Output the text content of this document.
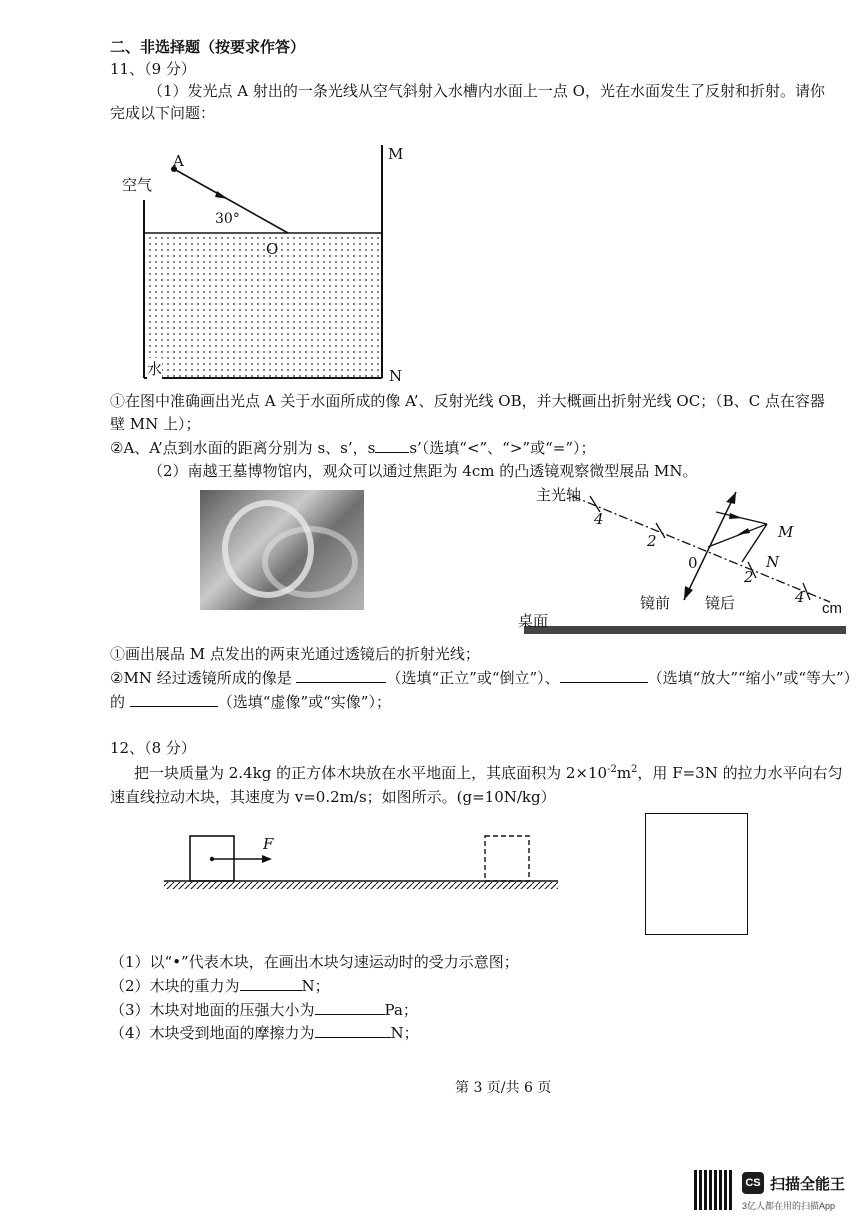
二、非选择题（按要求作答）
11、（9 分）
（1）发光点 A 射出的一条光线从空气斜射入水槽内水面上一点 O，光在水面发生了反射和折射。请你
完成以下问题：
A
空气
30°
O
M
N
水
①在图中准确画出光点 A 关于水面所成的像 A’、反射光线 OB，并大概画出折射光线 OC；（B、C 点在容器
壁 MN 上）；
②A、A’点到水面的距离分别为 s、s’，s s’（选填“<”、“>”或“=”）；
（2）南越王墓博物馆内，观众可以通过焦距为 4cm 的凸透镜观察微型展品 MN。
主光轴
4
2
0
2
4
cm
M
N
镜前 镜后
桌面
①画出展品 M 点发出的两束光通过透镜后的折射光线；
②MN 经过透镜所成的像是	（选填“正立”或“倒立”）、	（选填“放大”“缩小”或“等大”）
的	（选填“虚像”或“实像”）；
12、（8 分）
把一块质量为 2.4kg 的正方体木块放在水平地面上，其底面积为 $2\times 10^{-2}m^2$，用 F=3N 的拉力水平向右匀
速直线拉动木块，其速度为 v=0.2m/s；如图所示。(g=10N/kg）
F
（1）以“•”代表木块，在画出木块匀速运动时的受力示意图；
（2）木块的重力为	N；
（3）木块对地面的压强大小为	Pa；
（4）木块受到地面的摩擦力为	N；
第 3 页/共 6 页
CS 扫描全能王
3亿人都在用的扫描App
